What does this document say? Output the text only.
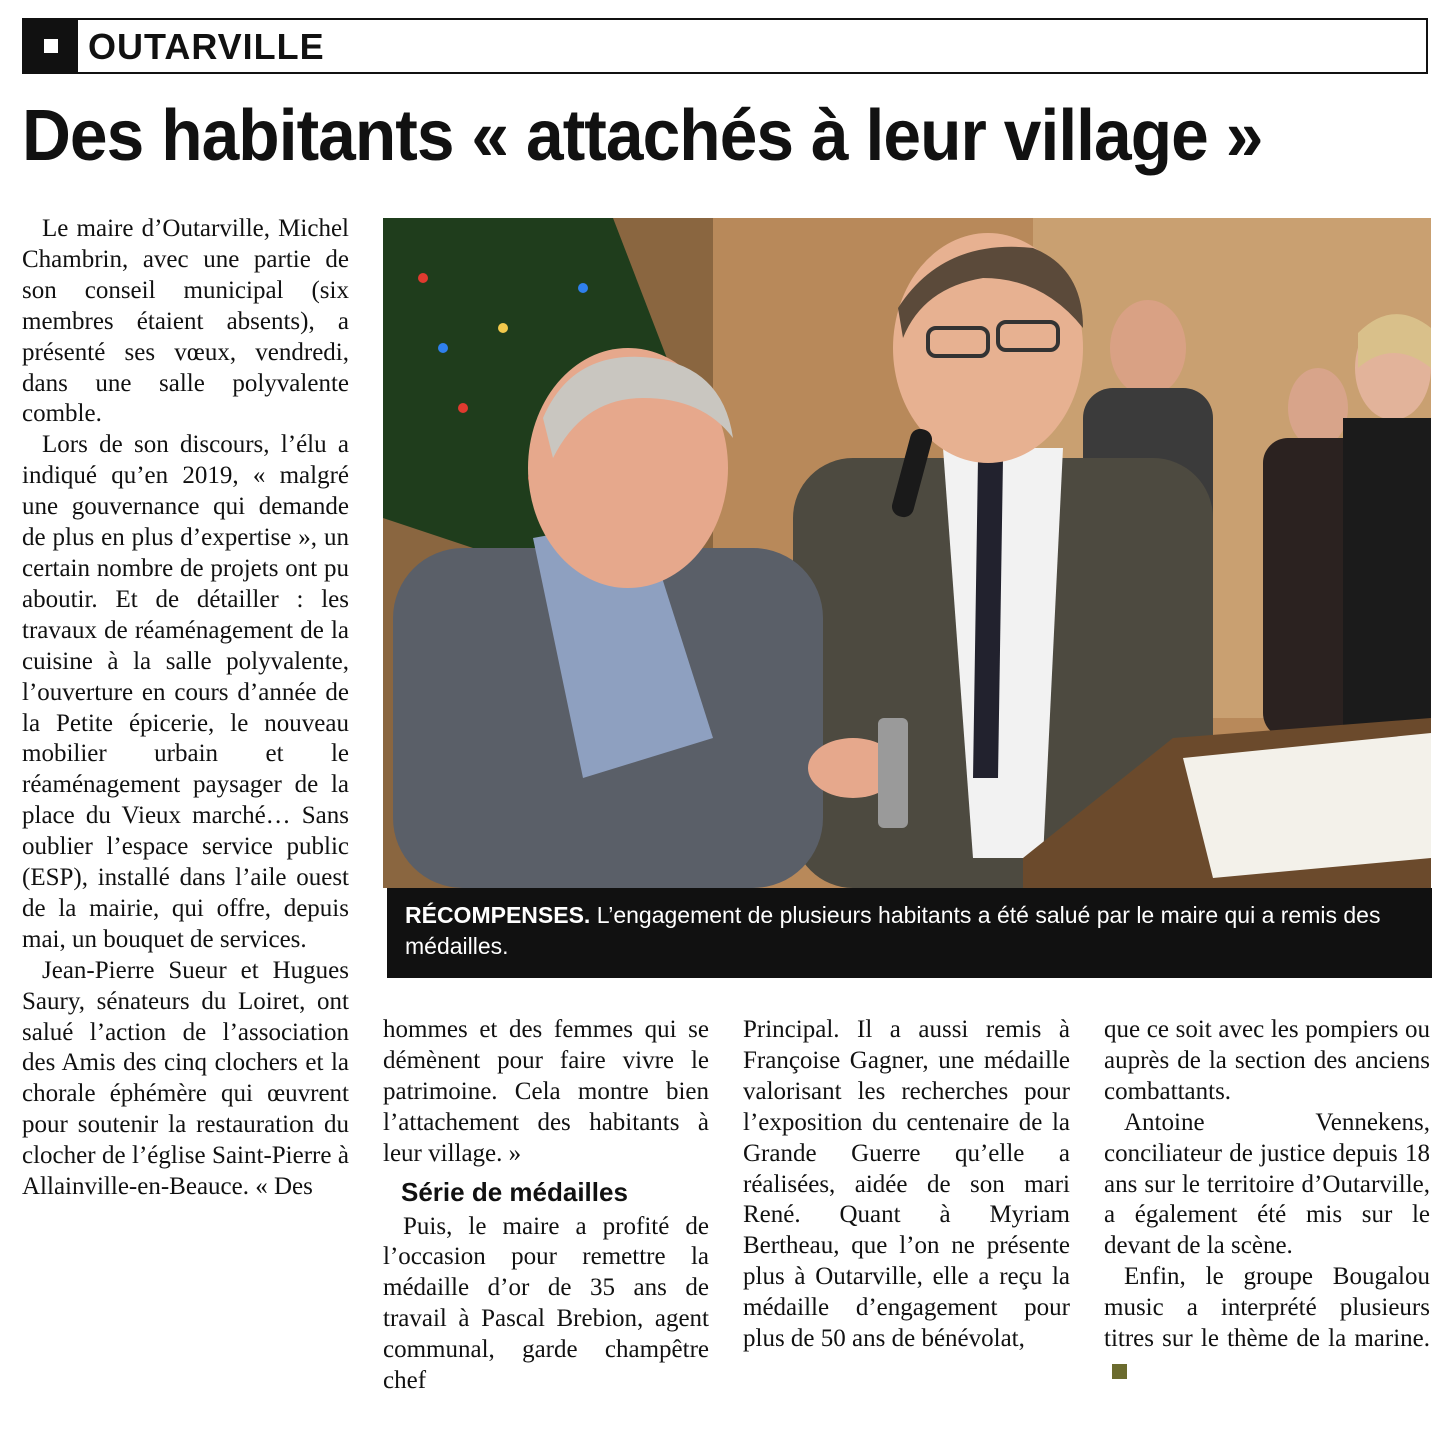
OUTARVILLE
Des habitants « attachés à leur village »

Le maire d’Outarville, Michel Chambrin, avec une partie de son conseil municipal (six membres étaient absents), a présenté ses vœux, vendredi, dans une salle polyvalente comble.

Lors de son discours, l’élu a indiqué qu’en 2019, « malgré une gouvernance qui demande de plus en plus d’expertise », un certain nombre de projets ont pu aboutir. Et de détailler : les travaux de réaménagement de la cuisine à la salle polyvalente, l’ouverture en cours d’année de la Petite épicerie, le nouveau mobilier urbain et le réaménagement paysager de la place du Vieux marché… Sans oublier l’espace service public (ESP), installé dans l’aile ouest de la mairie, qui offre, depuis mai, un bouquet de services.

Jean-Pierre Sueur et Hugues Saury, sénateurs du Loiret, ont salué l’action de l’association des Amis des cinq clochers et la chorale éphémère qui œuvrent pour soutenir la restauration du clocher de l’église Saint-Pierre à Allainville-en-Beauce. « Des

RÉCOMPENSES. L’engagement de plusieurs habitants a été salué par le maire qui a remis des médailles.

hommes et des femmes qui se démènent pour faire vivre le patrimoine. Cela montre bien l’attachement des habitants à leur village. »

Série de médailles

Puis, le maire a profité de l’occasion pour remettre la médaille d’or de 35 ans de travail à Pascal Brebion, agent communal, garde champêtre chef

Principal. Il a aussi remis à Françoise Gagner, une médaille valorisant les recherches pour l’exposition du centenaire de la Grande Guerre qu’elle a réalisées, aidée de son mari René. Quant à Myriam Bertheau, que l’on ne présente plus à Outarville, elle a reçu la médaille d’engagement pour plus de 50 ans de bénévolat,

que ce soit avec les pompiers ou auprès de la section des anciens combattants.

Antoine Vennekens, conciliateur de justice depuis 18 ans sur le territoire d’Outarville, a également été mis sur le devant de la scène.

Enfin, le groupe Bougalou music a interprété plusieurs titres sur le thème de la marine.
